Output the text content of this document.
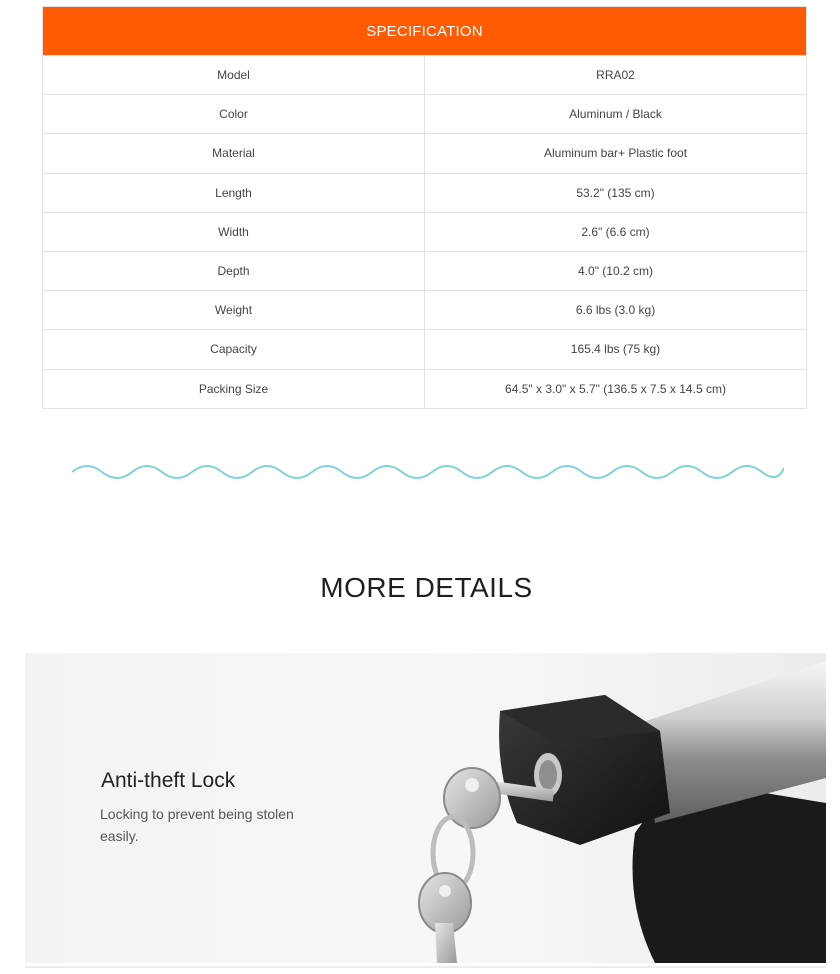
SPECIFICATION
Model	RRA02
Color	Aluminum / Black
Material	Aluminum bar+ Plastic foot
Length	53.2" (135 cm)
Width	2.6" (6.6 cm)
Depth	4.0" (10.2 cm)
Weight	6.6 lbs (3.0 kg)
Capacity	165.4 lbs (75 kg)
Packing Size	64.5" x 3.0" x 5.7" (136.5 x 7.5 x 14.5 cm)
MORE DETAILS
Anti-theft Lock
Locking to prevent being stolen easily.
